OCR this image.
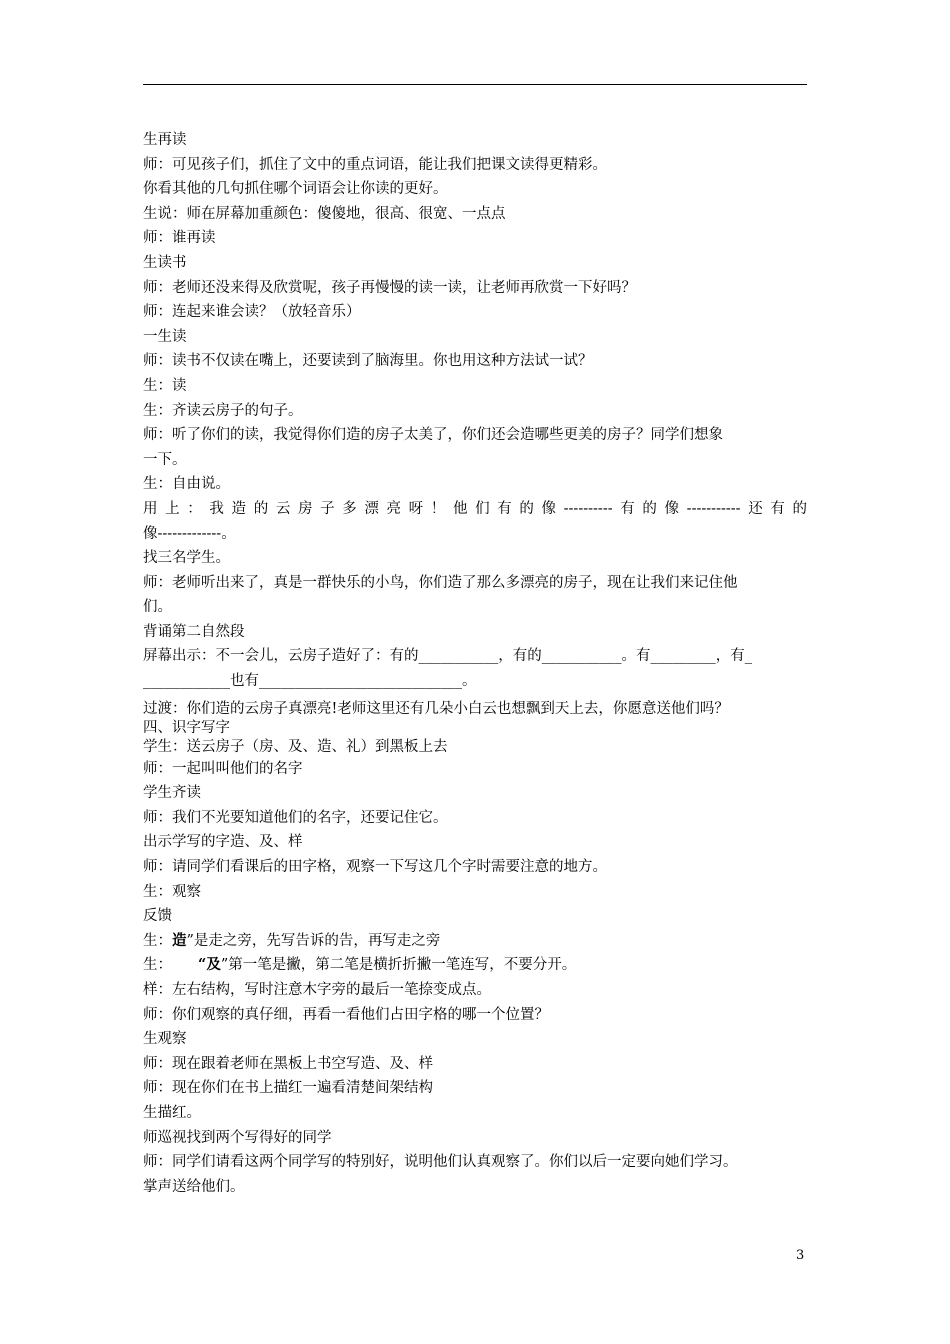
生再读
师：可见孩子们，抓住了文中的重点词语，能让我们把课文读得更精彩。
你看其他的几句抓住哪个词语会让你读的更好。
生说：师在屏幕加重颜色：傻傻地，很高、很宽、一点点
师：谁再读
生读书
师：老师还没来得及欣赏呢，孩子再慢慢的读一读，让老师再欣赏一下好吗？
师：连起来谁会读？（放轻音乐）
一生读
师：读书不仅读在嘴上，还要读到了脑海里。你也用这种方法试一试？
生：读
生：齐读云房子的句子。
师：听了你们的读，我觉得你们造的房子太美了，你们还会造哪些更美的房子？同学们想象
一下。
生：自由说。
用上：我造的云房子多漂亮呀！他们有的像----------有的像-----------还有的
像-------------。
找三名学生。
师：老师听出来了，真是一群快乐的小鸟，你们造了那么多漂亮的房子，现在让我们来记住他
们。
背诵第二自然段
屏幕出示：不一会儿，云房子造好了：有的___________，有的___________。有_________，有_
____________也有____________________________。
过渡：你们造的云房子真漂亮!老师这里还有几朵小白云也想飘到天上去，你愿意送他们吗？
四、识字写字
学生：送云房子（房、及、造、礼）到黑板上去
师：一起叫叫他们的名字
学生齐读
师：我们不光要知道他们的名字，还要记住它。
出示学写的字造、及、样
师：请同学们看课后的田字格，观察一下写这几个字时需要注意的地方。
生：观察
反馈
生：造”是走之旁，先写告诉的告，再写走之旁
生： “及”第一笔是撇，第二笔是横折折撇一笔连写，不要分开。
样：左右结构，写时注意木字旁的最后一笔捺变成点。
师：你们观察的真仔细，再看一看他们占田字格的哪一个位置？
生观察
师：现在跟着老师在黑板上书空写造、及、样
师：现在你们在书上描红一遍看清楚间架结构
生描红。
师巡视找到两个写得好的同学
师：同学们请看这两个同学写的特别好，说明他们认真观察了。你们以后一定要向她们学习。
掌声送给他们。
3
